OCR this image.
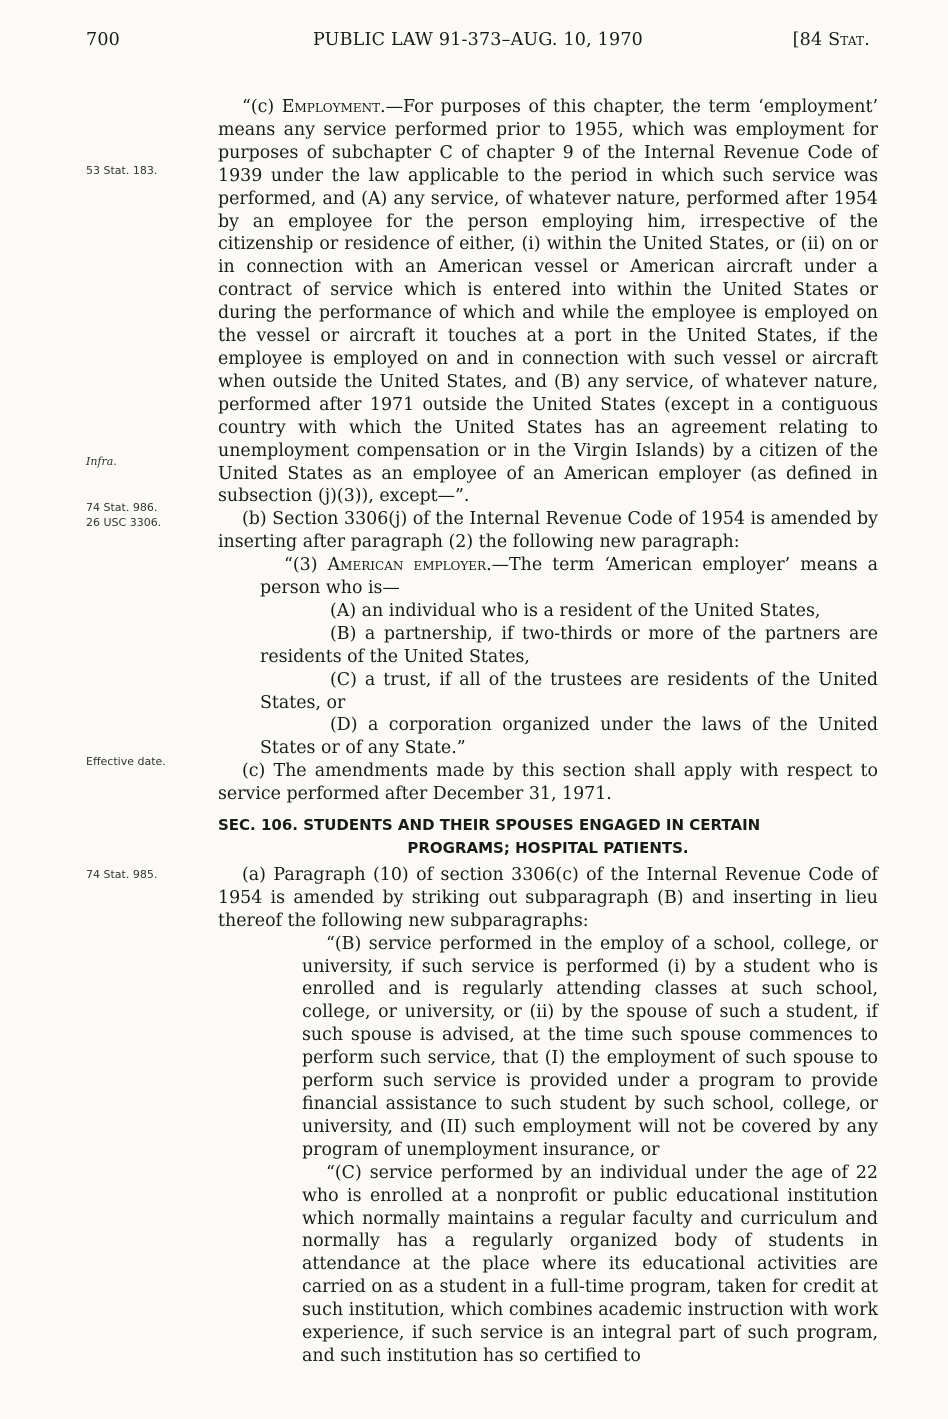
700	PUBLIC LAW 91-373–AUG. 10, 1970	[84 Stat.
53 Stat. 183.
Infra.
74 Stat. 986.
26 USC 3306.
Effective date.
74 Stat. 985.

“(c) Employment.—For purposes of this chapter, the term ‘employment’ means any service performed prior to 1955, which was employment for purposes of subchapter C of chapter 9 of the Internal Revenue Code of 1939 under the law applicable to the period in which such service was performed, and (A) any service, of whatever nature, performed after 1954 by an employee for the person employing him, irrespective of the citizenship or residence of either, (i) within the United States, or (ii) on or in connection with an American vessel or American aircraft under a contract of service which is entered into within the United States or during the performance of which and while the employee is employed on the vessel or aircraft it touches at a port in the United States, if the employee is employed on and in connection with such vessel or aircraft when outside the United States, and (B) any service, of whatever nature, performed after 1971 outside the United States (except in a contiguous country with which the United States has an agreement relating to unemployment compensation or in the Virgin Islands) by a citizen of the United States as an employee of an American employer (as defined in subsection (j)(3)), except—”.

(b) Section 3306(j) of the Internal Revenue Code of 1954 is amended by inserting after paragraph (2) the following new paragraph:

“(3) American employer.—The term ‘American employer’ means a person who is—

(A) an individual who is a resident of the United States,

(B) a partnership, if two-thirds or more of the partners are residents of the United States,

(C) a trust, if all of the trustees are residents of the United States, or

(D) a corporation organized under the laws of the United States or of any State.”

(c) The amendments made by this section shall apply with respect to service performed after December 31, 1971.

SEC. 106. STUDENTS AND THEIR SPOUSES ENGAGED IN CERTAIN
PROGRAMS; HOSPITAL PATIENTS.

(a) Paragraph (10) of section 3306(c) of the Internal Revenue Code of 1954 is amended by striking out subparagraph (B) and inserting in lieu thereof the following new subparagraphs:

“(B) service performed in the employ of a school, college, or university, if such service is performed (i) by a student who is enrolled and is regularly attending classes at such school, college, or university, or (ii) by the spouse of such a student, if such spouse is advised, at the time such spouse commences to perform such service, that (I) the employment of such spouse to perform such service is provided under a program to provide financial assistance to such student by such school, college, or university, and (II) such employment will not be covered by any program of unemployment insurance, or

“(C) service performed by an individual under the age of 22 who is enrolled at a nonprofit or public educational institution which normally maintains a regular faculty and curriculum and normally has a regularly organized body of students in attendance at the place where its educational activities are carried on as a student in a full-time program, taken for credit at such institution, which combines academic instruction with work experience, if such service is an integral part of such program, and such institution has so certified to
